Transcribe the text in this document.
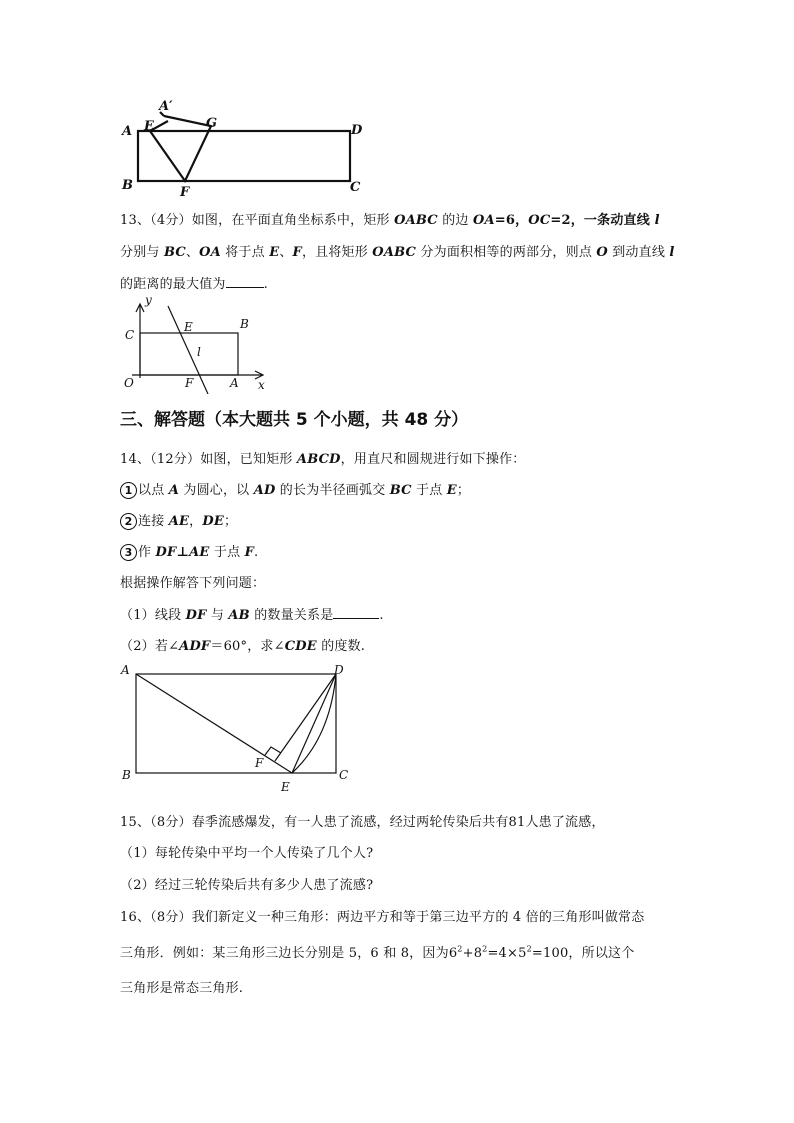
A′
A E	G	D
B	F	C
13、（4分）如图，在平面直角坐标系中，矩形 OABC 的边 OA=6，OC=2，一条动直线 l
分别与 BC、OA 将于点 E、F，且将矩形 OABC 分为面积相等的两部分，则点 O 到动直线 l
的距离的最大值为	.
y
C
E	B
l
O	F	A x
三、解答题（本大题共 5 个小题，共 48 分）
14、（12分）如图，已知矩形 ABCD，用直尺和圆规进行如下操作：
1 以点 A 为圆心，以 AD 的长为半径画弧交 BC 于点 E；
2 连接 AE，DE；
3 作 DF⊥AE 于点 F.
根据操作解答下列问题：
（1）线段 DF 与 AB 的数量关系是	.
（2）若∠ADF＝60°，求∠CDE 的度数.
A	D
B
F
E
C
15、（8分）春季流感爆发，有一人患了流感，经过两轮传染后共有81人患了流感，
（1）每轮传染中平均一个人传染了几个人?
（2）经过三轮传染后共有多少人患了流感?
16、（8分）我们新定义一种三角形：两边平方和等于第三边平方的 4 倍的三角形叫做常态
三角形．例如：某三角形三边长分别是 5，6 和 8，因为$6^2+8^2=4\times 5^2=100$，所以这个
三角形是常态三角形.
